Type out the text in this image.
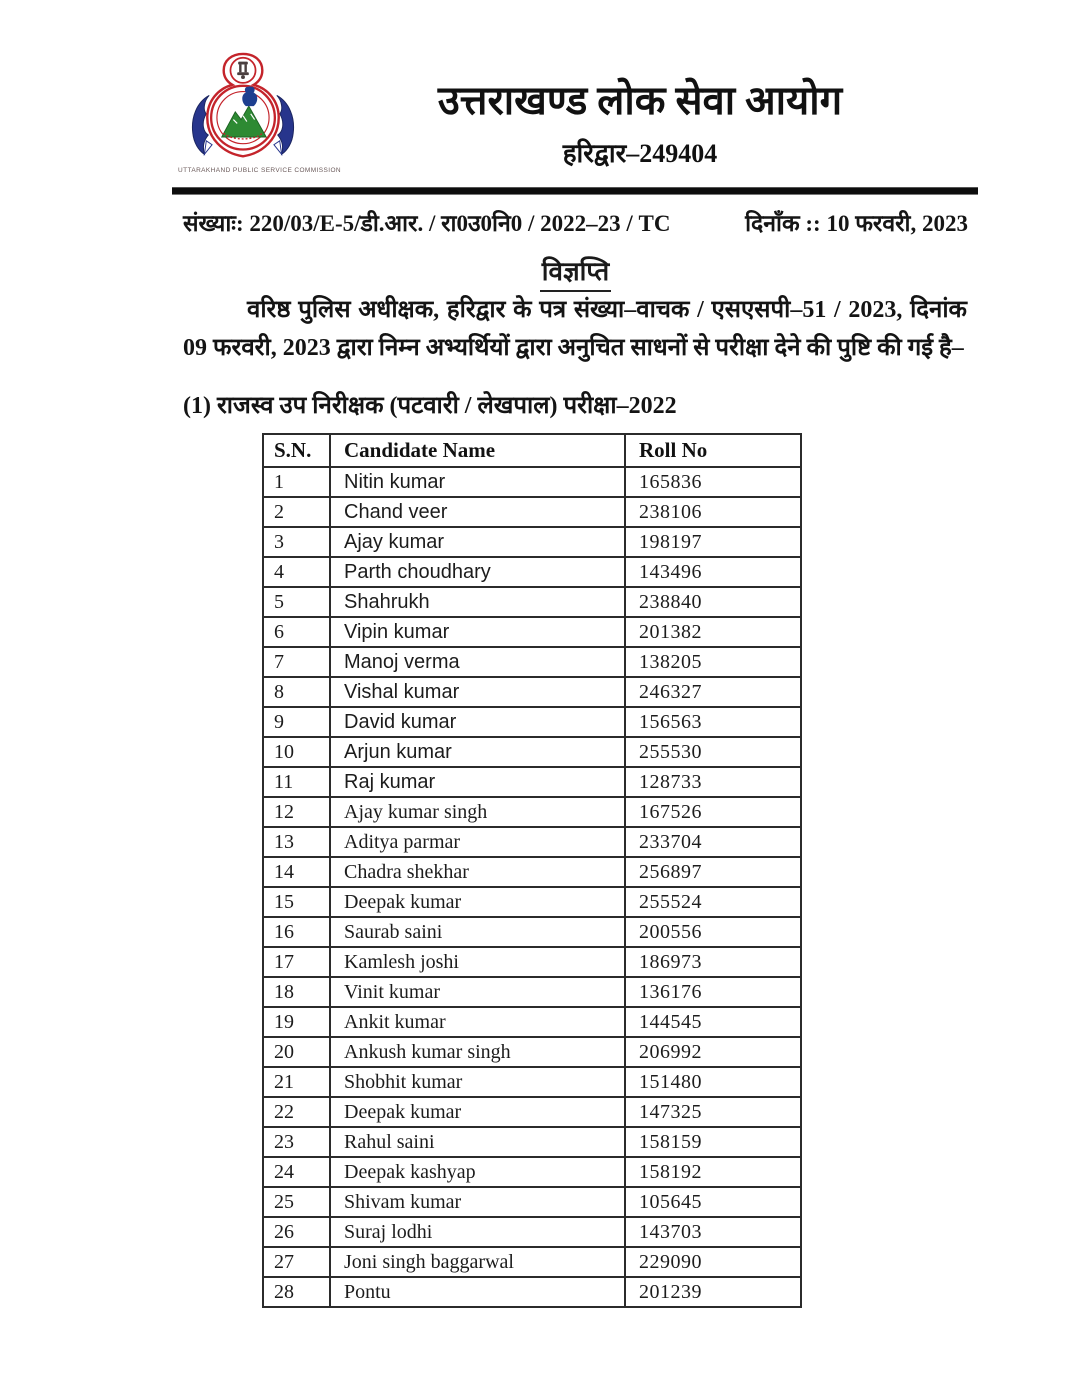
UTTARAKHAND PUBLIC SERVICE COMMISSION
उत्तराखण्ड लोक सेवा आयोग
हरिद्वार–249404
संख्याः: 220/03/E-5/डी.आर. / रा0उ0नि0 / 2022–23 / TC	दिनाँक :: 10 फरवरी, 2023
विज्ञप्ति

वरिष्ठ पुलिस अधीक्षक, हरिद्वार के पत्र संख्या–वाचक / एसएसपी–51 / 2023, दिनांक 09 फरवरी, 2023 द्वारा निम्न अभ्यर्थियों द्वारा अनुचित साधनों से परीक्षा देने की पुष्टि की गई है–

(1) राजस्व उप निरीक्षक (पटवारी / लेखपाल) परीक्षा–2022
S.N.	Candidate Name	Roll No
1	Nitin kumar	165836
2	Chand veer	238106
3	Ajay kumar	198197
4	Parth choudhary	143496
5	Shahrukh	238840
6	Vipin kumar	201382
7	Manoj verma	138205
8	Vishal kumar	246327
9	David kumar	156563
10	Arjun kumar	255530
11	Raj kumar	128733
12	Ajay kumar singh	167526
13	Aditya parmar	233704
14	Chadra shekhar	256897
15	Deepak kumar	255524
16	Saurab saini	200556
17	Kamlesh joshi	186973
18	Vinit kumar	136176
19	Ankit kumar	144545
20	Ankush kumar singh	206992
21	Shobhit kumar	151480
22	Deepak kumar	147325
23	Rahul saini	158159
24	Deepak kashyap	158192
25	Shivam kumar	105645
26	Suraj lodhi	143703
27	Joni singh baggarwal	229090
28	Pontu	201239
